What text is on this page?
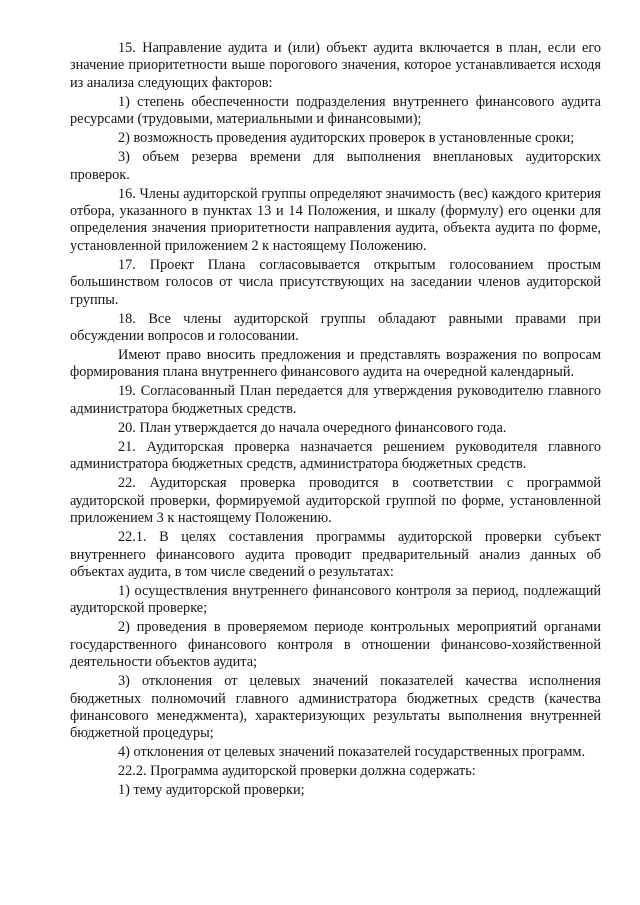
15. Направление аудита и (или) объект аудита включается в план, если его значение приоритетности выше порогового значения, которое устанавливается исходя из анализа следующих факторов:

1) степень обеспеченности подразделения внутреннего финансового аудита ресурсами (трудовыми, материальными и финансовыми);

2) возможность проведения аудиторских проверок в установленные сроки;

3) объем резерва времени для выполнения внеплановых аудиторских проверок.

16. Члены аудиторской группы определяют значимость (вес) каждого критерия отбора, указанного в пунктах 13 и 14 Положения, и шкалу (формулу) его оценки для определения значения приоритетности направления аудита, объекта аудита по форме, установленной приложением 2 к настоящему Положению.

17. Проект Плана согласовывается открытым голосованием простым большинством голосов от числа присутствующих на заседании членов аудиторской группы.

18. Все члены аудиторской группы обладают равными правами при обсуждении вопросов и голосовании.

Имеют право вносить предложения и представлять возражения по вопросам формирования плана внутреннего финансового аудита на очередной календарный.

19. Согласованный План передается для утверждения руководителю главного администратора бюджетных средств.

20. План утверждается до начала очередного финансового года.

21. Аудиторская проверка назначается решением руководителя главного администратора бюджетных средств, администратора бюджетных средств.

22. Аудиторская проверка проводится в соответствии с программой аудиторской проверки, формируемой аудиторской группой по форме, установленной приложением 3 к настоящему Положению.

22.1. В целях составления программы аудиторской проверки субъект внутреннего финансового аудита проводит предварительный анализ данных об объектах аудита, в том числе сведений о результатах:

1) осуществления внутреннего финансового контроля за период, подлежащий аудиторской проверке;

2) проведения в проверяемом периоде контрольных мероприятий органами государственного финансового контроля в отношении финансово-хозяйственной деятельности объектов аудита;

3) отклонения от целевых значений показателей качества исполнения бюджетных полномочий главного администратора бюджетных средств (качества финансового менеджмента), характеризующих результаты выполнения внутренней бюджетной процедуры;

4) отклонения от целевых значений показателей государственных программ.

22.2. Программа аудиторской проверки должна содержать:

1) тему аудиторской проверки;
